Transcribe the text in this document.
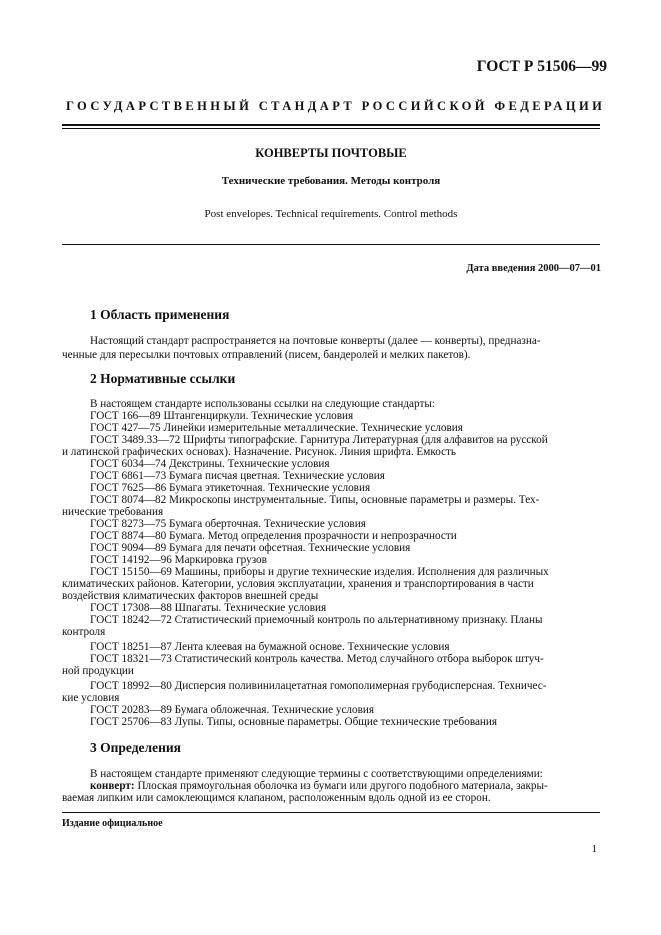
ГОСТ Р 51506—99
ГОСУДАРСТВЕННЫЙ СТАНДАРТ РОССИЙСКОЙ ФЕДЕРАЦИИ
КОНВЕРТЫ ПОЧТОВЫЕ
Технические требования. Методы контроля
Post envelopes. Technical requirements. Control methods
Дата введения 2000—07—01
1 Область применения
Настоящий стандарт распространяется на почтовые конверты (далее — конверты), предназна-
ченные для пересылки почтовых отправлений (писем, бандеролей и мелких пакетов).
2 Нормативные ссылки
В настоящем стандарте использованы ссылки на следующие стандарты:
ГОСТ 166—89 Штангенциркули. Технические условия
ГОСТ 427—75 Линейки измерительные металлические. Технические условия
ГОСТ 3489.33—72 Шрифты типографские. Гарнитура Литературная (для алфавитов на русской
и латинской графических основах). Назначение. Рисунок. Линия шрифта. Емкость
ГОСТ 6034—74 Декстрины. Технические условия
ГОСТ 6861—73 Бумага писчая цветная. Технические условия
ГОСТ 7625—86 Бумага этикеточная. Технические условия
ГОСТ 8074—82 Микроскопы инструментальные. Типы, основные параметры и размеры. Тех-
нические требования
ГОСТ 8273—75 Бумага оберточная. Технические условия
ГОСТ 8874—80 Бумага. Метод определения прозрачности и непрозрачности
ГОСТ 9094—89 Бумага для печати офсетная. Технические условия
ГОСТ 14192—96 Маркировка грузов
ГОСТ 15150—69 Машины, приборы и другие технические изделия. Исполнения для различных
климатических районов. Категории, условия эксплуатации, хранения и транспортирования в части
воздействия климатических факторов внешней среды
ГОСТ 17308—88 Шпагаты. Технические условия
ГОСТ 18242—72 Статистический приемочный контроль по альтернативному признаку. Планы
контроля
ГОСТ 18251—87 Лента клеевая на бумажной основе. Технические условия
ГОСТ 18321—73 Статистический контроль качества. Метод случайного отбора выборок штуч-
ной продукции
ГОСТ 18992—80 Дисперсия поливинилацетатная гомополимерная грубодисперсная. Техничес-
кие условия
ГОСТ 20283—89 Бумага обложечная. Технические условия
ГОСТ 25706—83 Лупы. Типы, основные параметры. Общие технические требования
3 Определения
В настоящем стандарте применяют следующие термины с соответствующими определениями:
конверт: Плоская прямоугольная оболочка из бумаги или другого подобного материала, закры-
ваемая липким или самоклеющимся клапаном, расположенным вдоль одной из ее сторон.
Издание официальное
1
